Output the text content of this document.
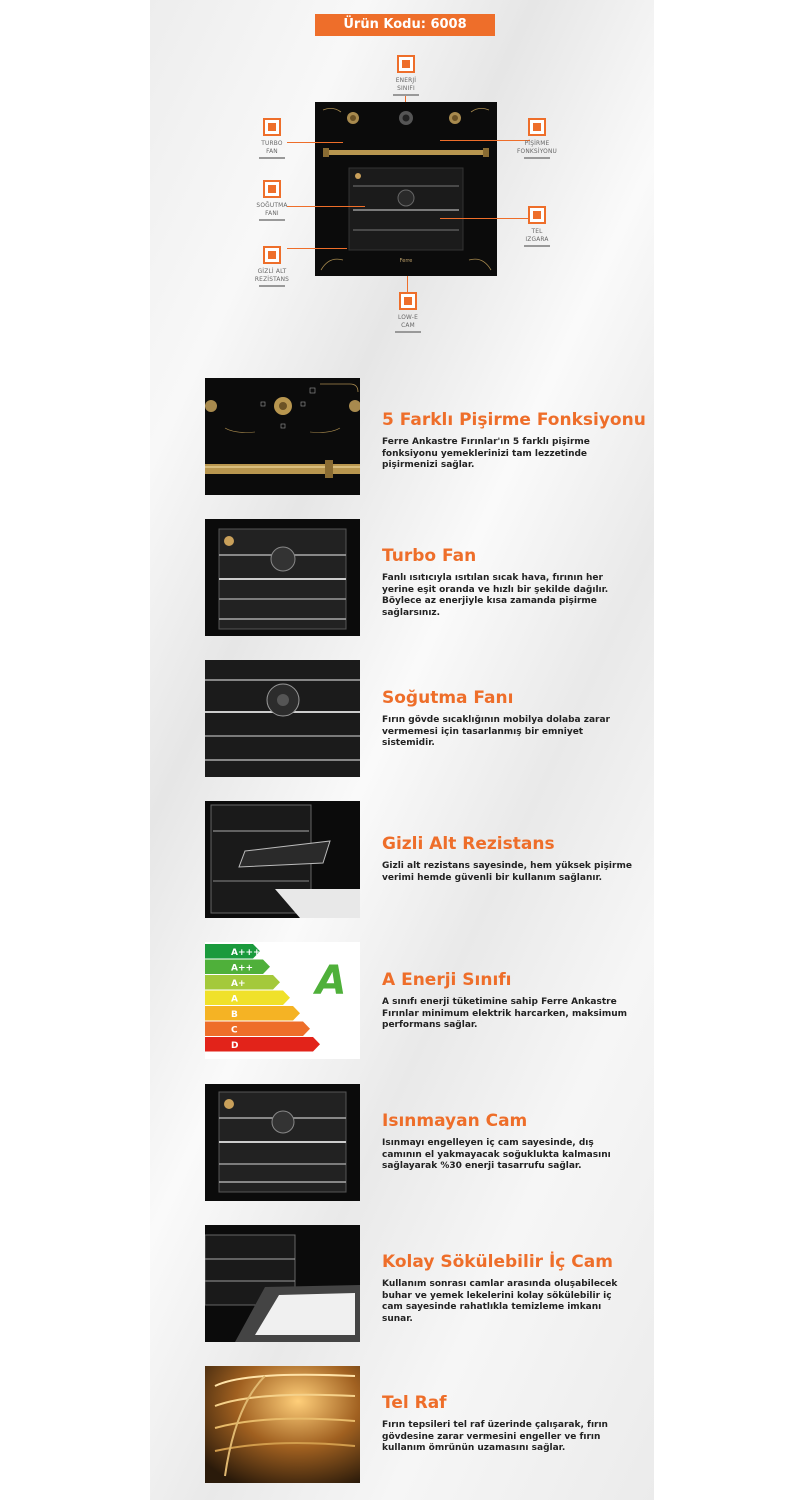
Ürün Kodu: 6008
Ferre
ENERJİ
SINIFI
TURBO
FAN
SOĞUTMA
FANI
GİZLİ ALT
REZİSTANS
PİŞİRME
FONKSİYONU
TEL
IZGARA
LOW-E
CAM
5 Farklı Pişirme Fonksiyonu
Ferre Ankastre Fırınlar'ın 5 farklı pişirme fonksiyonu yemeklerinizi tam lezzetinde pişirmenizi sağlar.
Turbo Fan
Fanlı ısıtıcıyla ısıtılan sıcak hava, fırının her yerine eşit oranda ve hızlı bir şekilde dağılır. Böylece az enerjiyle kısa zamanda pişirme sağlarsınız.
Soğutma Fanı
Fırın gövde sıcaklığının mobilya dolaba zarar vermemesi için tasarlanmış bir emniyet sistemidir.
Gizli Alt Rezistans
Gizli alt rezistans sayesinde, hem yüksek pişirme verimi hemde güvenli bir kullanım sağlanır.
A+++
A++
A+
A
B
C
D
A A Enerji Sınıfı
A sınıfı enerji tüketimine sahip Ferre Ankastre Fırınlar minimum elektrik harcarken, maksimum performans sağlar.
Isınmayan Cam
Isınmayı engelleyen iç cam sayesinde, dış camının el yakmayacak soğuklukta kalmasını sağlayarak %30 enerji tasarrufu sağlar.
Kolay Sökülebilir İç Cam
Kullanım sonrası camlar arasında oluşabilecek buhar ve yemek lekelerini kolay sökülebilir iç cam sayesinde rahatlıkla temizleme imkanı sunar.
Tel Raf
Fırın tepsileri tel raf üzerinde çalışarak, fırın gövdesine zarar vermesini engeller ve fırın kullanım ömrünün uzamasını sağlar.
